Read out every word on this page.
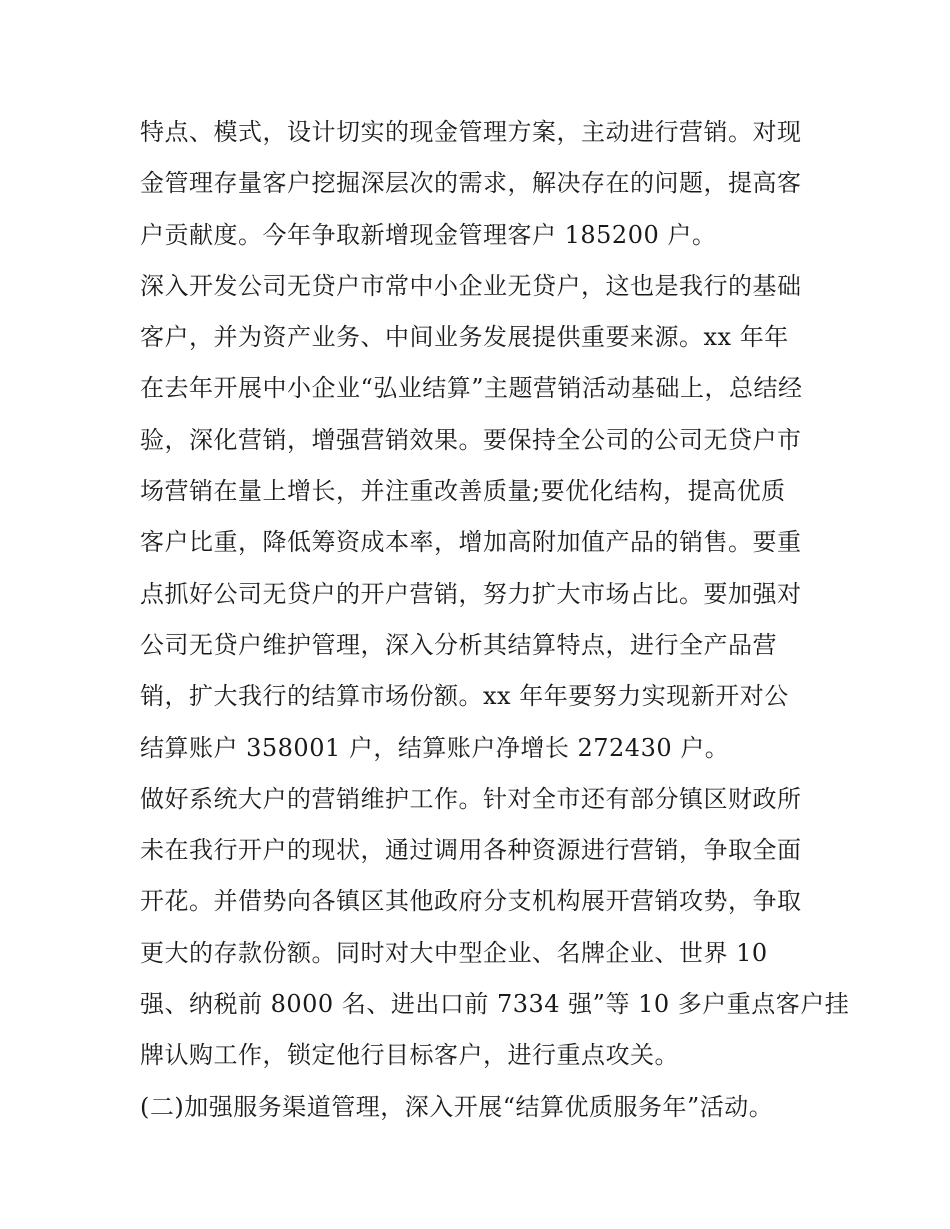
特点、模式，设计切实的现金管理方案，主动进行营销。对现
金管理存量客户挖掘深层次的需求，解决存在的问题，提高客
户贡献度。今年争取新增现金管理客户 185200 户。
深入开发公司无贷户市常中小企业无贷户，这也是我行的基础
客户，并为资产业务、中间业务发展提供重要来源。xx 年年
在去年开展中小企业“弘业结算”主题营销活动基础上，总结经
验，深化营销，增强营销效果。要保持全公司的公司无贷户市
场营销在量上增长，并注重改善质量;要优化结构，提高优质
客户比重，降低筹资成本率，增加高附加值产品的销售。要重
点抓好公司无贷户的开户营销，努力扩大市场占比。要加强对
公司无贷户维护管理，深入分析其结算特点，进行全产品营
销，扩大我行的结算市场份额。xx 年年要努力实现新开对公
结算账户 358001 户，结算账户净增长 272430 户。
做好系统大户的营销维护工作。针对全市还有部分镇区财政所
未在我行开户的现状，通过调用各种资源进行营销，争取全面
开花。并借势向各镇区其他政府分支机构展开营销攻势，争取
更大的存款份额。同时对大中型企业、名牌企业、世界 10
强、纳税前 8000 名、进出口前 7334 强”等 10 多户重点客户挂
牌认购工作，锁定他行目标客户，进行重点攻关。
(二)加强服务渠道管理，深入开展“结算优质服务年”活动。
